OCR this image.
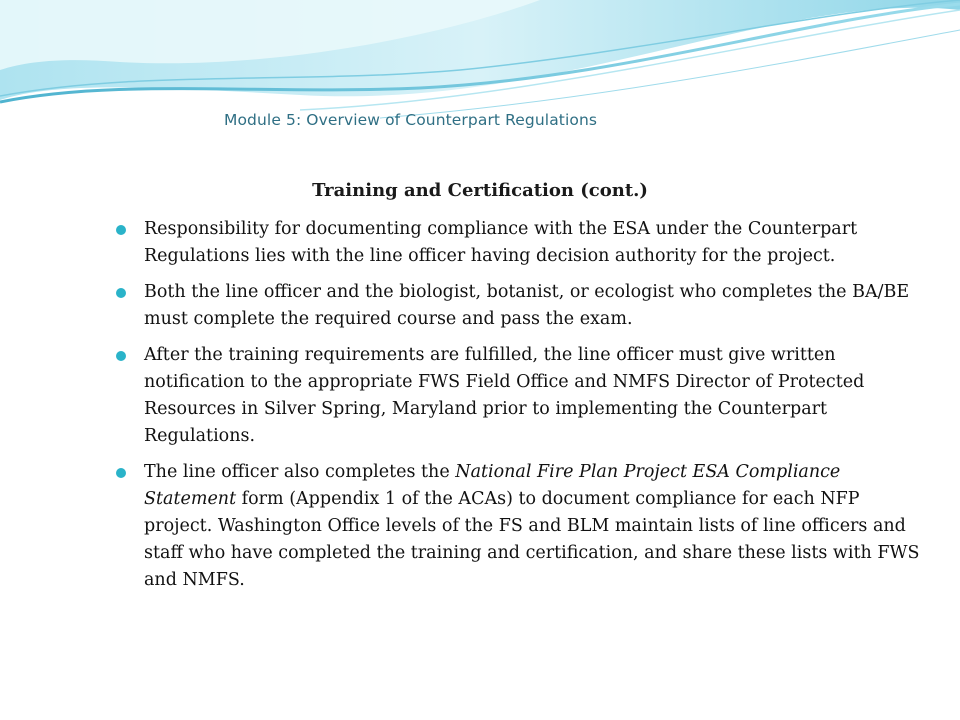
Module 5: Overview of Counterpart Regulations
Training and Certification (cont.)
Responsibility for documenting compliance with the ESA under the Counterpart Regulations lies with the line officer having decision authority for the project.
Both the line officer and the biologist, botanist, or ecologist who completes the BA/BE must complete the required course and pass the exam.
After the training requirements are fulfilled, the line officer must give written notification to the appropriate FWS Field Office and NMFS Director of Protected Resources in Silver Spring, Maryland prior to implementing the Counterpart Regulations.
The line officer also completes the National Fire Plan Project ESA Compliance Statement form (Appendix 1 of the ACAs) to document compliance for each NFP project. Washington Office levels of the FS and BLM maintain lists of line officers and staff who have completed the training and certification, and share these lists with FWS and NMFS.
